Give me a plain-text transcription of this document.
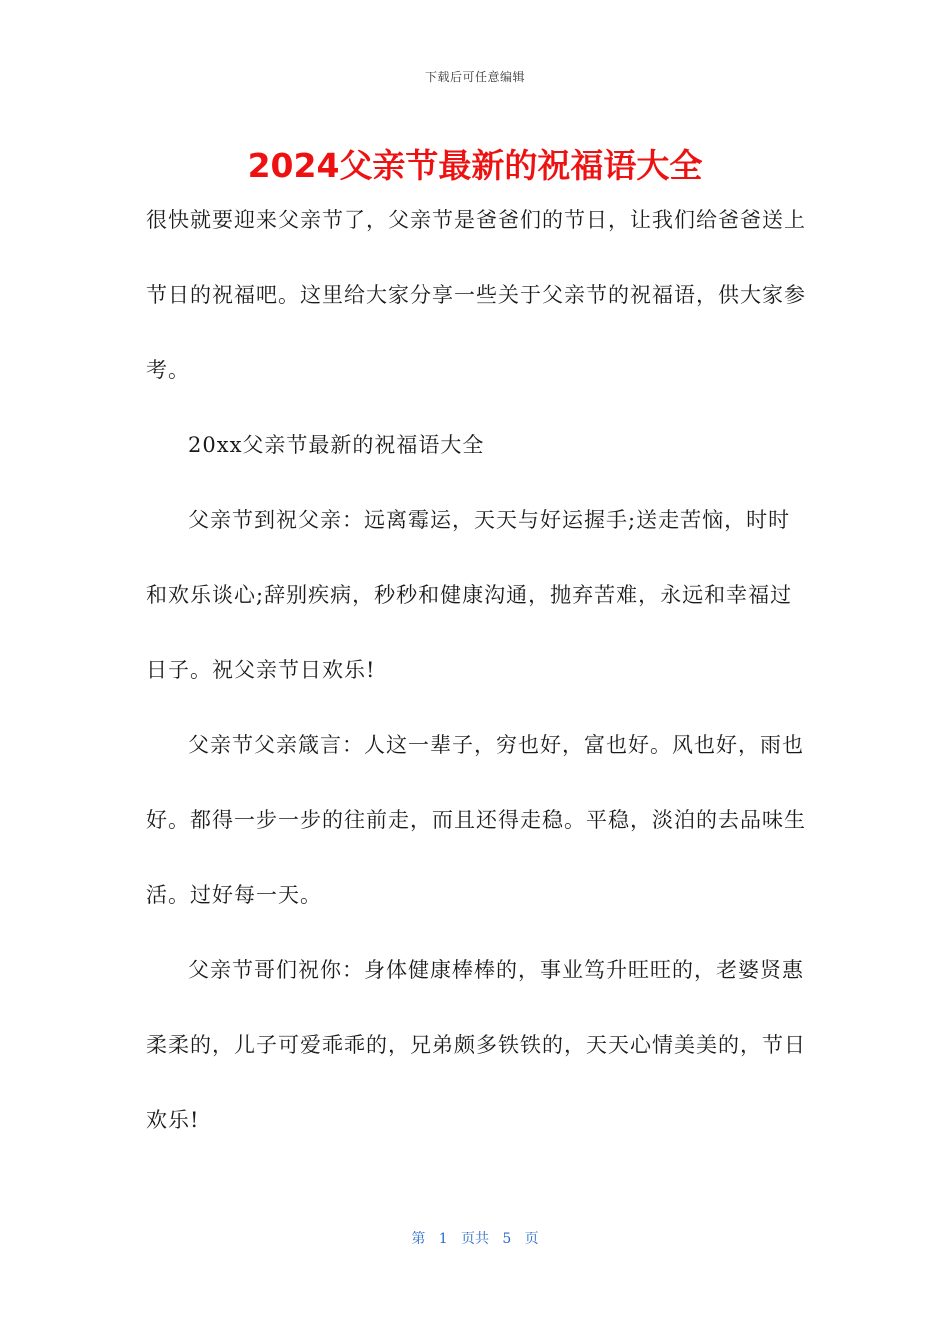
下载后可任意编辑
2024父亲节最新的祝福语大全

很快就要迎来父亲节了，父亲节是爸爸们的节日，让我们给爸爸送上节日的祝福吧。这里给大家分享一些关于父亲节的祝福语，供大家参考。

20xx父亲节最新的祝福语大全

父亲节到祝父亲：远离霉运，天天与好运握手;送走苦恼，时时和欢乐谈心;辞别疾病，秒秒和健康沟通，抛弃苦难，永远和幸福过日子。祝父亲节日欢乐!

父亲节父亲箴言：人这一辈子，穷也好，富也好。风也好，雨也好。都得一步一步的往前走，而且还得走稳。平稳，淡泊的去品味生活。过好每一天。

父亲节哥们祝你：身体健康棒棒的，事业笃升旺旺的，老婆贤惠柔柔的，儿子可爱乖乖的，兄弟颇多铁铁的，天天心情美美的，节日欢乐!

第 1 页共 5 页
